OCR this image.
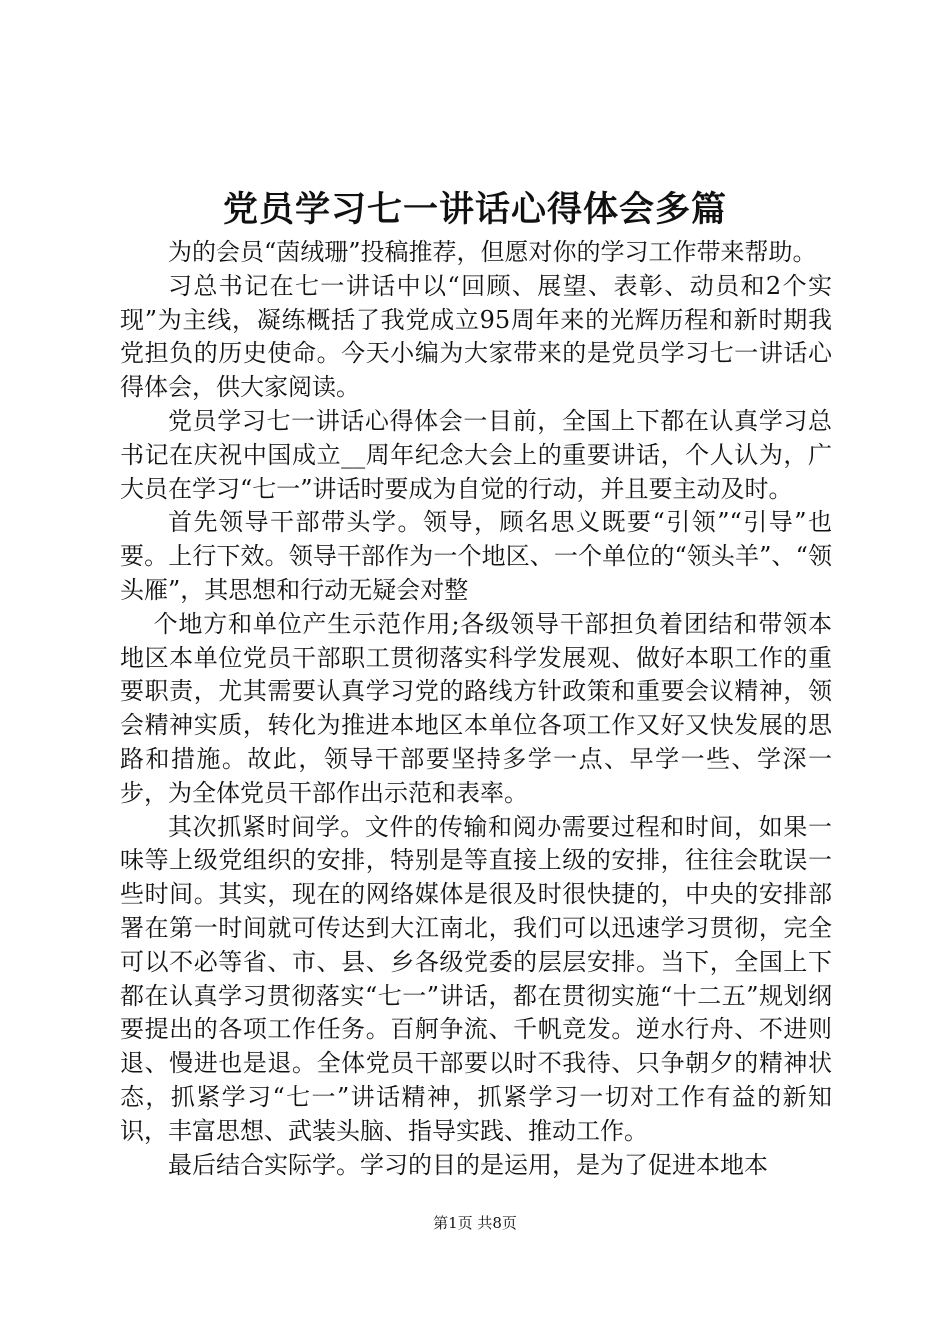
党员学习七一讲话心得体会多篇

为的会员“茵绒珊”投稿推荐，但愿对你的学习工作带来帮助。

习总书记在七一讲话中以“回顾、展望、表彰、动员和2个实现”为主线，凝练概括了我党成立95周年来的光辉历程和新时期我党担负的历史使命。今天小编为大家带来的是党员学习七一讲话心得体会，供大家阅读。

党员学习七一讲话心得体会一目前，全国上下都在认真学习总书记在庆祝中国成立__周年纪念大会上的重要讲话，个人认为，广大员在学习“七一”讲话时要成为自觉的行动，并且要主动及时。

首先领导干部带头学。领导，顾名思义既要“引领”“引导”也要。上行下效。领导干部作为一个地区、一个单位的“领头羊”、“领头雁”，其思想和行动无疑会对整

个地方和单位产生示范作用;各级领导干部担负着团结和带领本地区本单位党员干部职工贯彻落实科学发展观、做好本职工作的重要职责，尤其需要认真学习党的路线方针政策和重要会议精神，领会精神实质，转化为推进本地区本单位各项工作又好又快发展的思路和措施。故此，领导干部要坚持多学一点、早学一些、学深一步，为全体党员干部作出示范和表率。

其次抓紧时间学。文件的传输和阅办需要过程和时间，如果一味等上级党组织的安排，特别是等直接上级的安排，往往会耽误一些时间。其实，现在的网络媒体是很及时很快捷的，中央的安排部署在第一时间就可传达到大江南北，我们可以迅速学习贯彻，完全可以不必等省、市、县、乡各级党委的层层安排。当下，全国上下都在认真学习贯彻落实“七一”讲话，都在贯彻实施“十二五”规划纲要提出的各项工作任务。百舸争流、千帆竞发。逆水行舟、不进则退、慢进也是退。全体党员干部要以时不我待、只争朝夕的精神状态，抓紧学习“七一”讲话精神，抓紧学习一切对工作有益的新知识，丰富思想、武装头脑、指导实践、推动工作。

最后结合实际学。学习的目的是运用，是为了促进本地本

第1页 共8页
